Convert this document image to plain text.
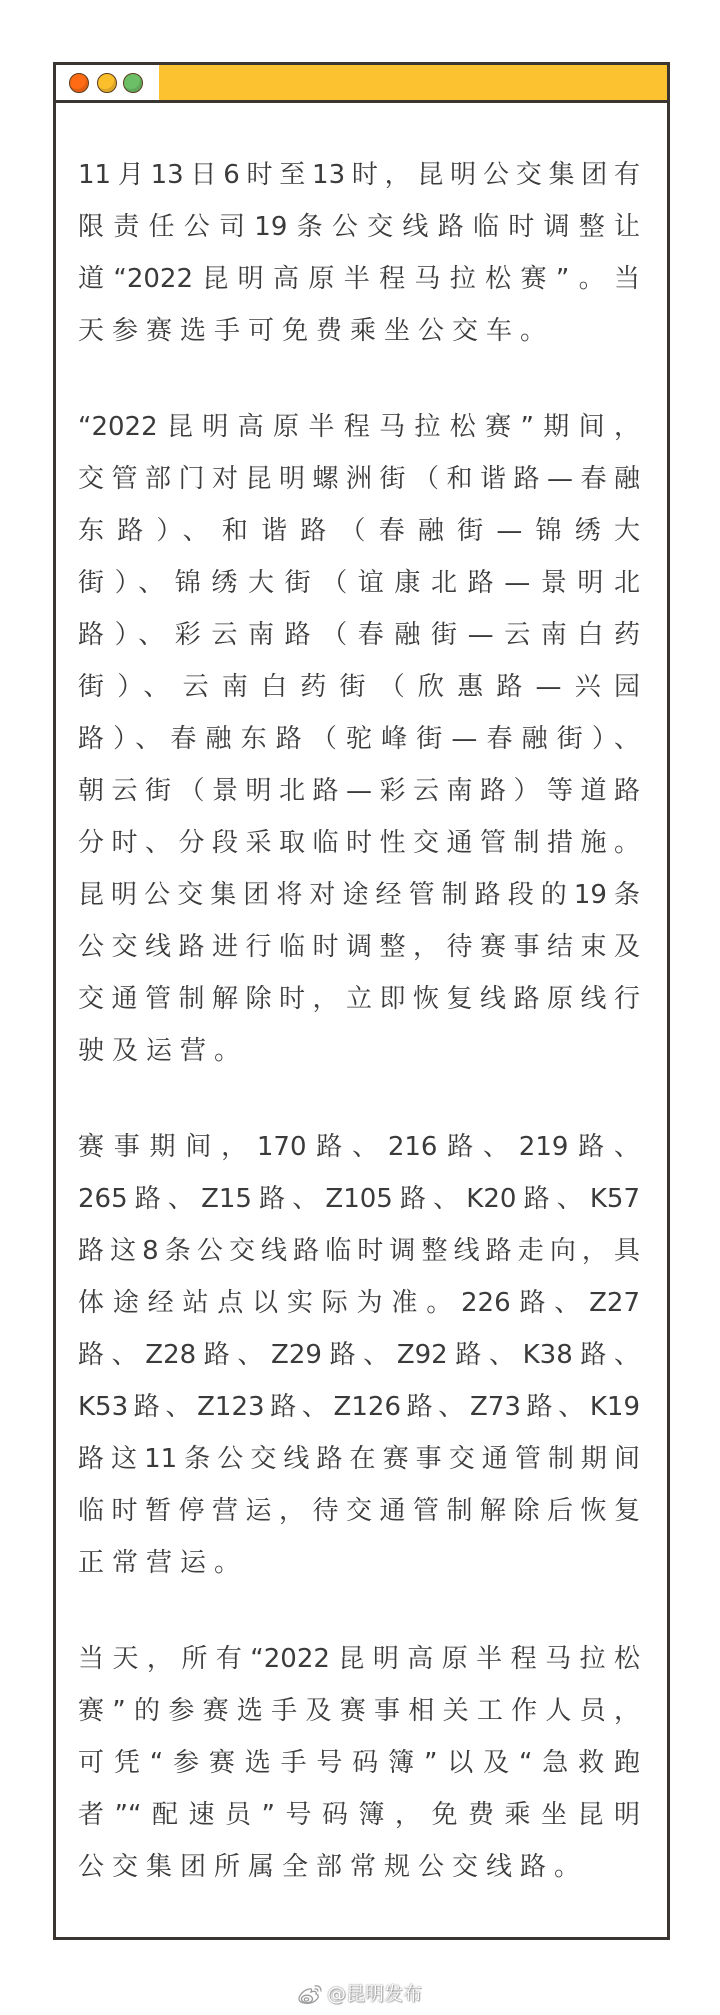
11月13日6时至13时，昆明公交集团有
限责任公司19条公交线路临时调整让
道“2022昆明高原半程马拉松赛”。当
天参赛选手可免费乘坐公交车。
“2022昆明高原半程马拉松赛”期间，
交管部门对昆明螺洲街（和谐路—春融
东路）、和谐路（春融街—锦绣大
街）、锦绣大街（谊康北路—景明北
路）、彩云南路（春融街—云南白药
街）、云南白药街（欣惠路—兴园
路）、春融东路（驼峰街—春融街）、
朝云街（景明北路—彩云南路）等道路
分时、分段采取临时性交通管制措施。
昆明公交集团将对途经管制路段的19条
公交线路进行临时调整，待赛事结束及
交通管制解除时，立即恢复线路原线行
驶及运营。
赛事期间，170路、216路、219路、
265路、Z15路、Z105路、K20路、K57
路这8条公交线路临时调整线路走向，具
体途经站点以实际为准。226路、Z27
路、Z28路、Z29路、Z92路、K38路、
K53路、Z123路、Z126路、Z73路、K19
路这11条公交线路在赛事交通管制期间
临时暂停营运，待交通管制解除后恢复
正常营运。
当天，所有“2022昆明高原半程马拉松
赛”的参赛选手及赛事相关工作人员，
可凭“参赛选手号码簿”以及“急救跑
者”“配速员”号码簿，免费乘坐昆明
公交集团所属全部常规公交线路。
@昆明发布
